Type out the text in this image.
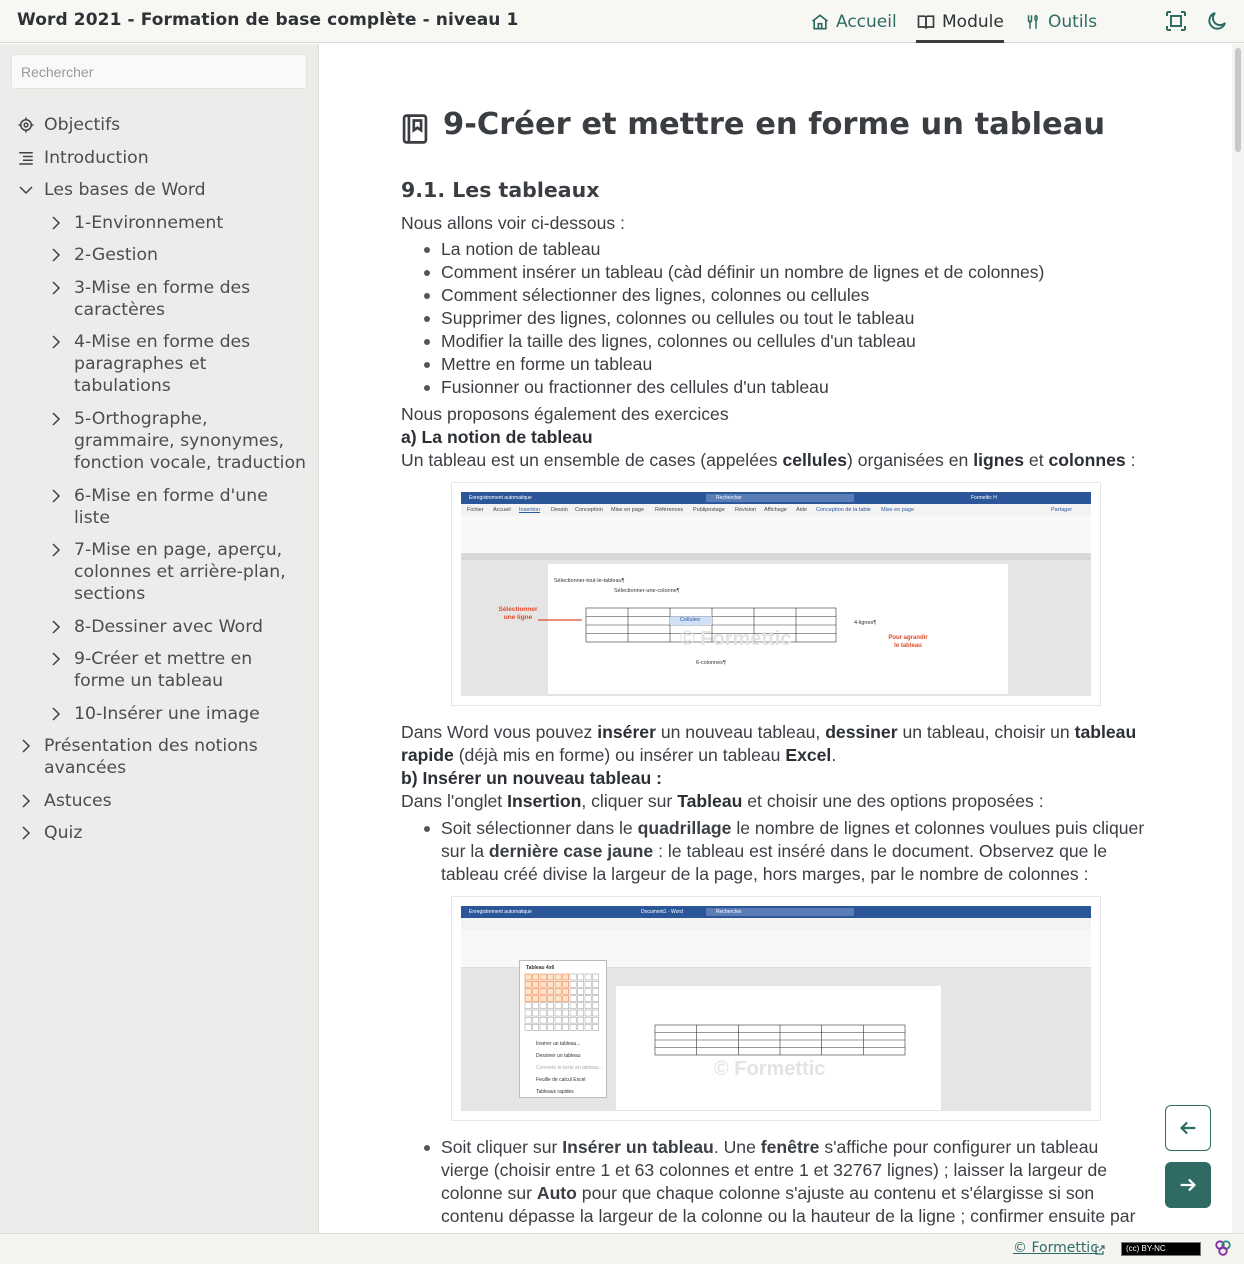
Word 2021 - Formation de base complète - niveau 1	Accueil	Module	Outils
Rechercher
Objectifs
Introduction
Les bases de Word
1-Environnement
2-Gestion
3-Mise en forme des caractères
4-Mise en forme des paragraphes et tabulations
5-Orthographe, grammaire, synonymes, fonction vocale, traduction
6-Mise en forme d'une liste
7-Mise en page, aperçu, colonnes et arrière-plan, sections
8-Dessiner avec Word
9-Créer et mettre en forme un tableau
10-Insérer une image
Présentation des notions avancées
Astuces
Quiz
9-Créer et mettre en forme un tableau
9.1. Les tableaux
Nous allons voir ci-dessous :
La notion de tableau
Comment insérer un tableau (càd définir un nombre de lignes et de colonnes)
Comment sélectionner des lignes, colonnes ou cellules
Supprimer des lignes, colonnes ou cellules ou tout le tableau
Modifier la taille des lignes, colonnes ou cellules d'un tableau
Mettre en forme un tableau
Fusionner ou fractionner des cellules d'un tableau
Nous proposons également des exercices
a) La notion de tableau
Un tableau est un ensemble de cases (appelées cellules) organisées en lignes et colonnes :
Enregistrement automatique	Rechercher	Formettic H
Fichier Accueil Insertion Dessin Conception Mise en page Références Publipostage Révision Affichage Aide Conception de la table Mise en page	Partager
Sélectionner-tout-le-tableau¶
Sélectionner-une-colonne¶
Sélectionner
une ligne	Cellule¤	4-lignes¶
6-colonnes¶
Pour agrandir
le tableau
© Formettic
Dans Word vous pouvez insérer un nouveau tableau, dessiner un tableau, choisir un tableau
rapide (déjà mis en forme) ou insérer un tableau Excel.
b) Insérer un nouveau tableau :
Dans l'onglet Insertion, cliquer sur Tableau et choisir une des options proposées :
Soit sélectionner dans le quadrillage le nombre de lignes et colonnes voulues puis cliquer sur la dernière case jaune : le tableau est inséré dans le document. Observez que le tableau créé divise la largeur de la page, hors marges, par le nombre de colonnes :
Enregistrement automatique	Document1 - Word	Rechercher
© Formettic
Tableau 4x6
Insérer un tableau...
Dessiner un tableau
Convertir le texte en tableau...
Feuille de calcul Excel
Tableaux rapides
Soit cliquer sur Insérer un tableau. Une fenêtre s'affiche pour configurer un tableau vierge (choisir entre 1 et 63 colonnes et entre 1 et 32767 lignes) ; laisser la largeur de colonne sur Auto pour que chaque colonne s'ajuste au contenu et s'élargisse si son contenu dépasse la largeur de la colonne ou la hauteur de la ligne ; confirmer ensuite par
© Formettic	(cc) BY-NC
